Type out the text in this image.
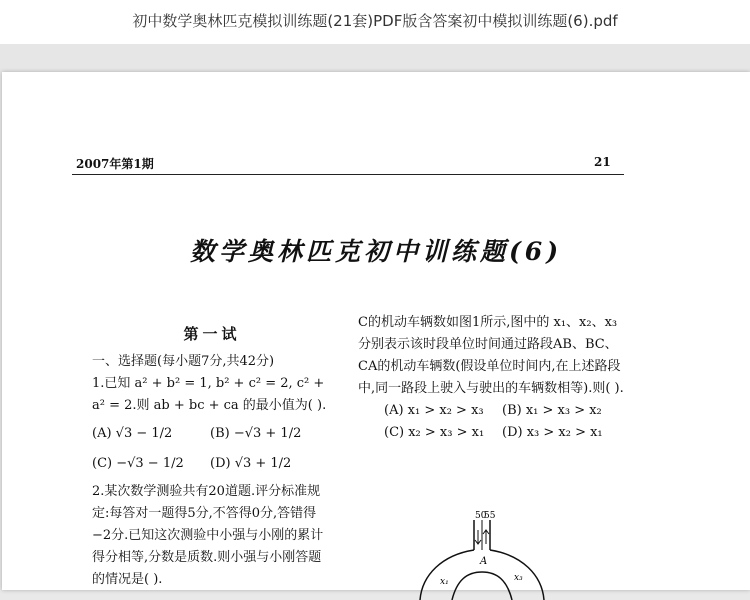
初中数学奥林匹克模拟训练题(21套)PDF版含答案初中模拟训练题(6).pdf
2007年第1期	21
数学奥林匹克初中训练题(6)
第一试
一、选择题(每小题7分,共42分)
1.已知 a² + b² = 1, b² + c² = 2, c² + a² = 2.则 ab + bc + ca 的最小值为( ).
(A) √3 − 1/2	(B) −√3 + 1/2
(C) −√3 − 1/2	(D) √3 + 1/2
2.某次数学测验共有20道题.评分标准规定:每答对一题得5分,不答得0分,答错得−2分.已知这次测验中小强与小刚的累计得分相等,分数是质数.则小强与小刚答题的情况是( ).
C的机动车辆数如图1所示,图中的 x₁、x₂、x₃ 分别表示该时段单位时间通过路段AB、BC、CA的机动车辆数(假设单位时间内,在上述路段中,同一路段上驶入与驶出的车辆数相等).则( ).
(A) x₁ > x₂ > x₃	(B) x₁ > x₃ > x₂
(C) x₂ > x₃ > x₁	(D) x₃ > x₂ > x₁
50
55
A
x₁	x₃
